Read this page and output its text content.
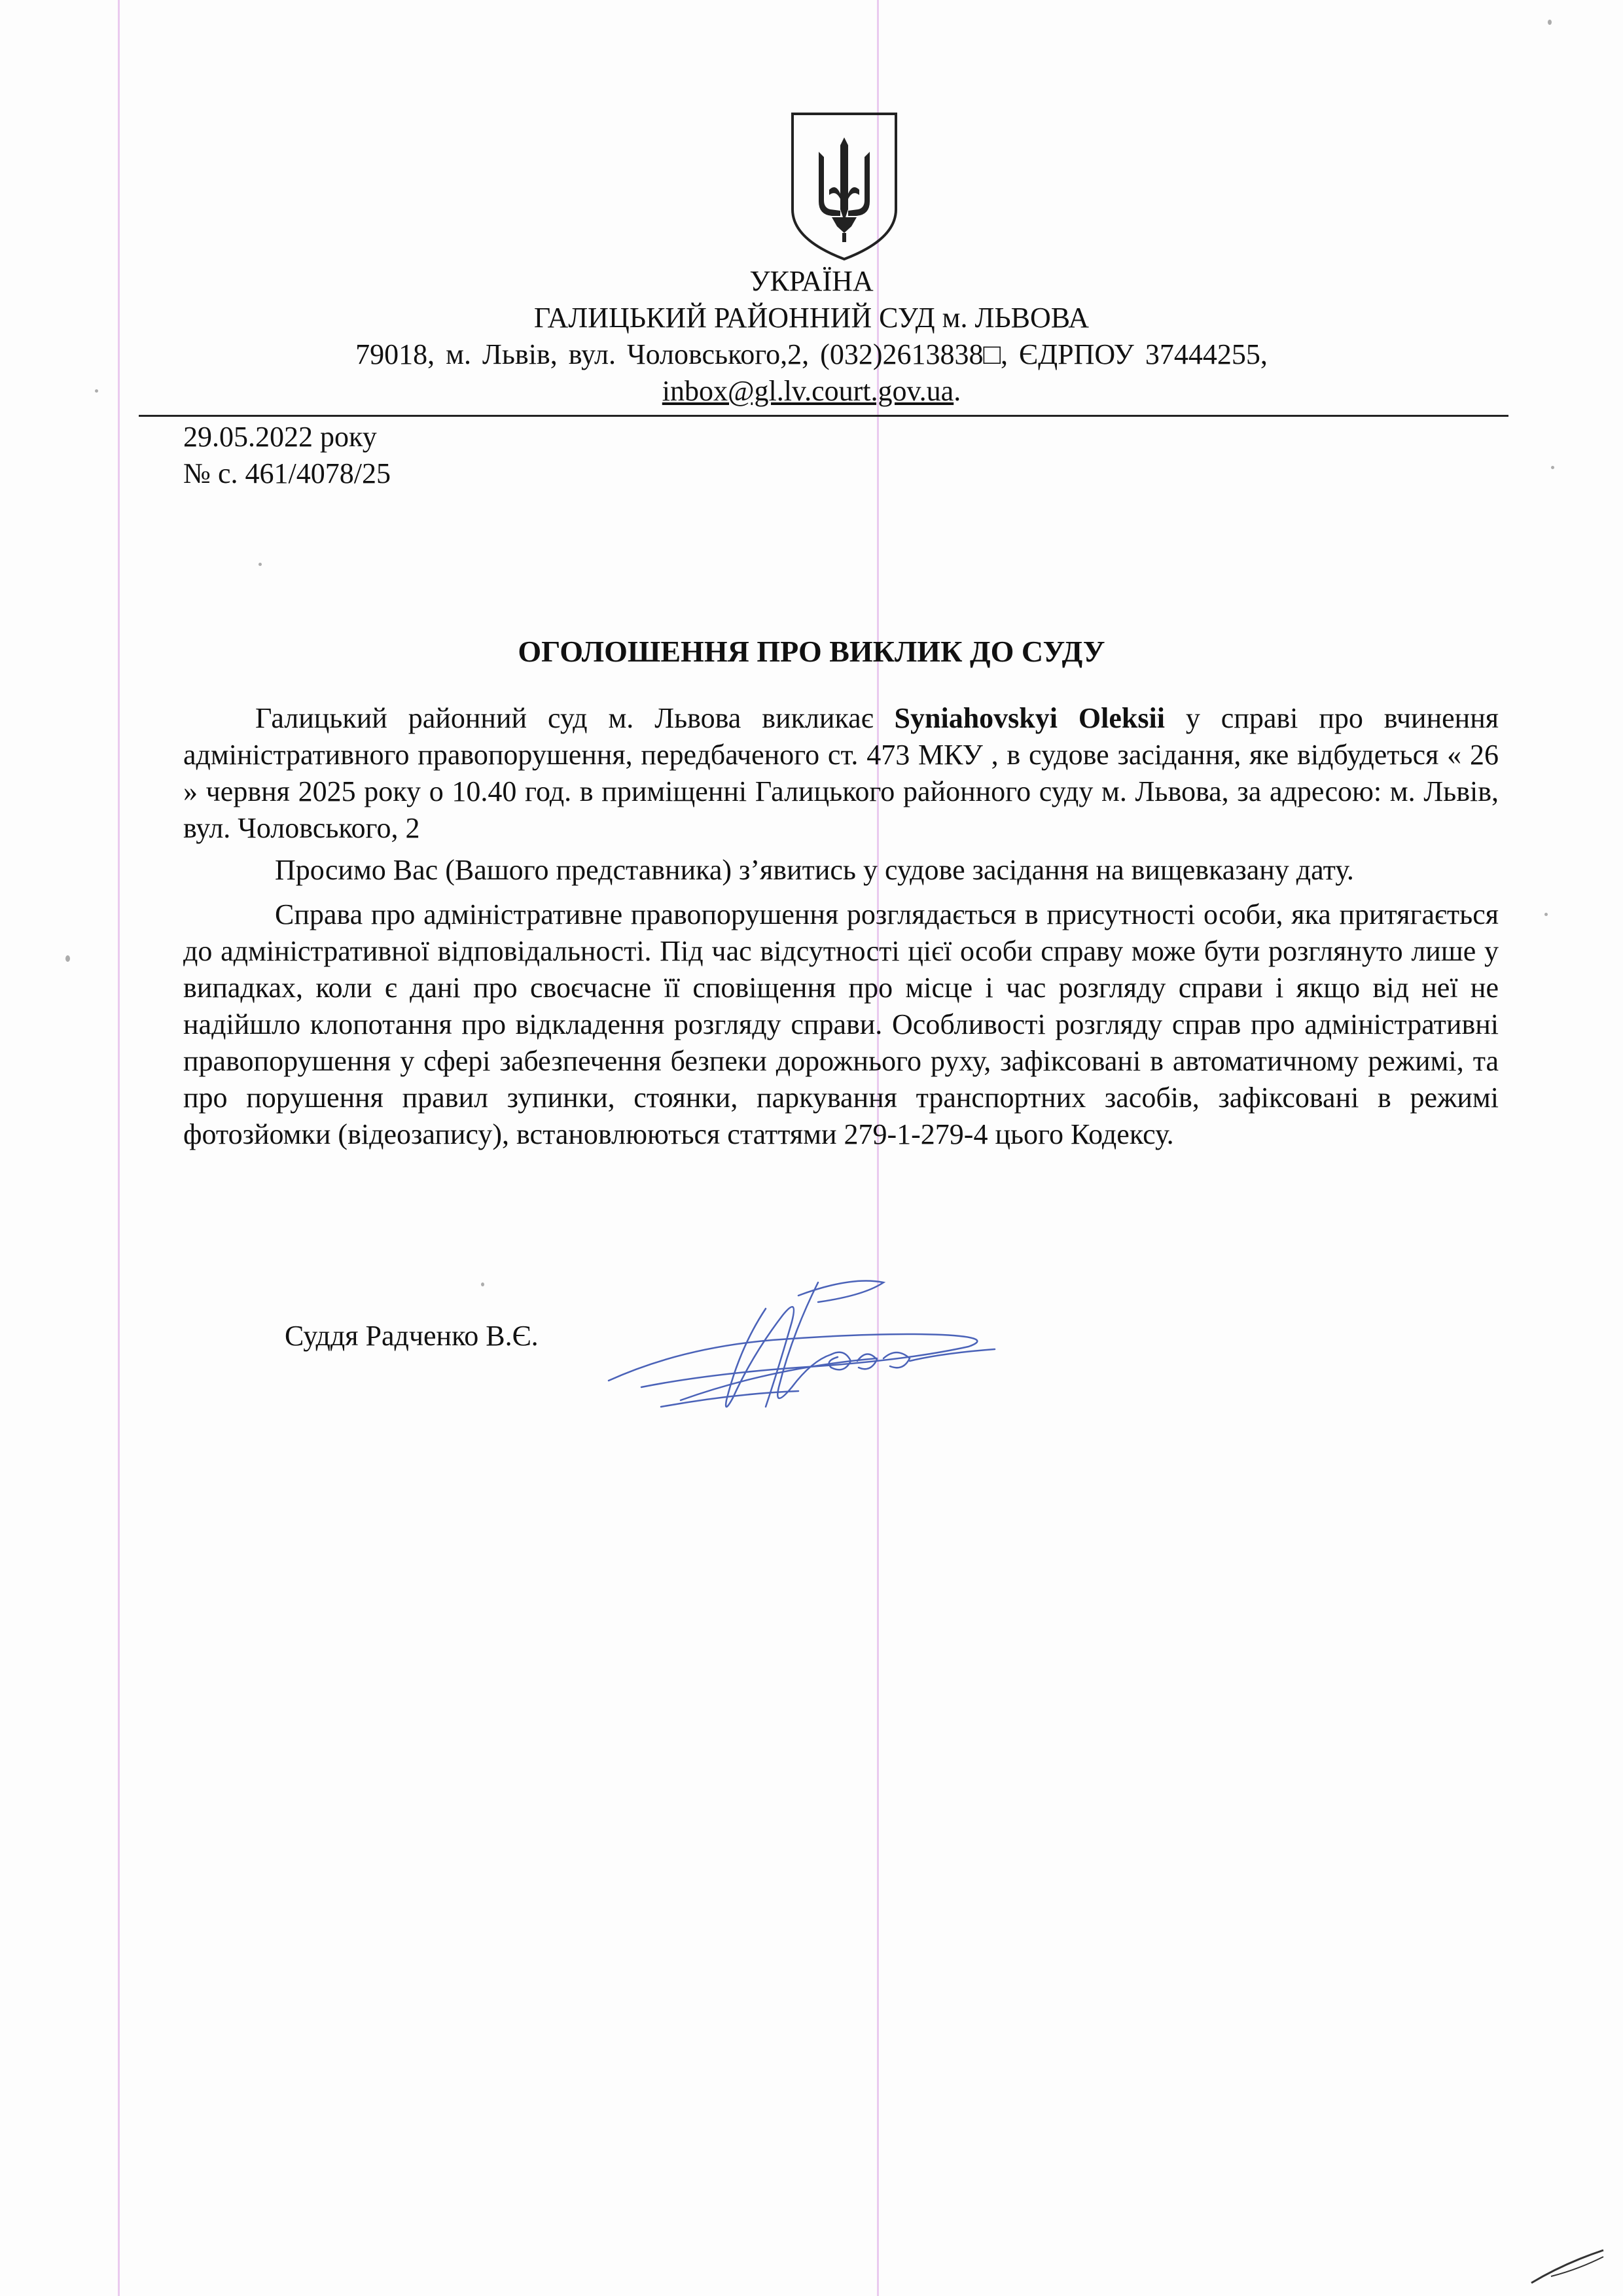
УКРАЇНА
ГАЛИЦЬКИЙ РАЙОННИЙ СУД м. ЛЬВОВА
79018, м. Львів, вул. Чоловського,2, (032)2613838□, ЄДРПОУ 37444255,
inbox@gl.lv.court.gov.ua.
29.05.2022 року
№ с. 461/4078/25
ОГОЛОШЕННЯ ПРО ВИКЛИК ДО СУДУ

Галицький районний суд м. Львова викликає Syniahovskyi Oleksii у справі про вчинення адміністративного правопорушення, передбаченого ст. 473 МКУ , в судове засідання, яке відбудеться « 26 » червня 2025 року о 10.40 год. в приміщенні Галицького районного суду м. Львова, за адресою: м. Львів, вул. Чоловського, 2

Просимо Вас (Вашого представника) з’явитись у судове засідання на вищевказану дату.

Справа про адміністративне правопорушення розглядається в присутності особи, яка притягається до адміністративної відповідальності. Під час відсутності цієї особи справу може бути розглянуто лише у випадках, коли є дані про своєчасне її сповіщення про місце і час розгляду справи і якщо від неї не надійшло клопотання про відкладення розгляду справи. Особливості розгляду справ про адміністративні правопорушення у сфері забезпечення безпеки дорожнього руху, зафіксовані в автоматичному режимі, та про порушення правил зупинки, стоянки, паркування транспортних засобів, зафіксовані в режимі фотозйомки (відеозапису), встановлюються статтями 279-1-279-4 цього Кодексу.

Суддя Радченко В.Є.
